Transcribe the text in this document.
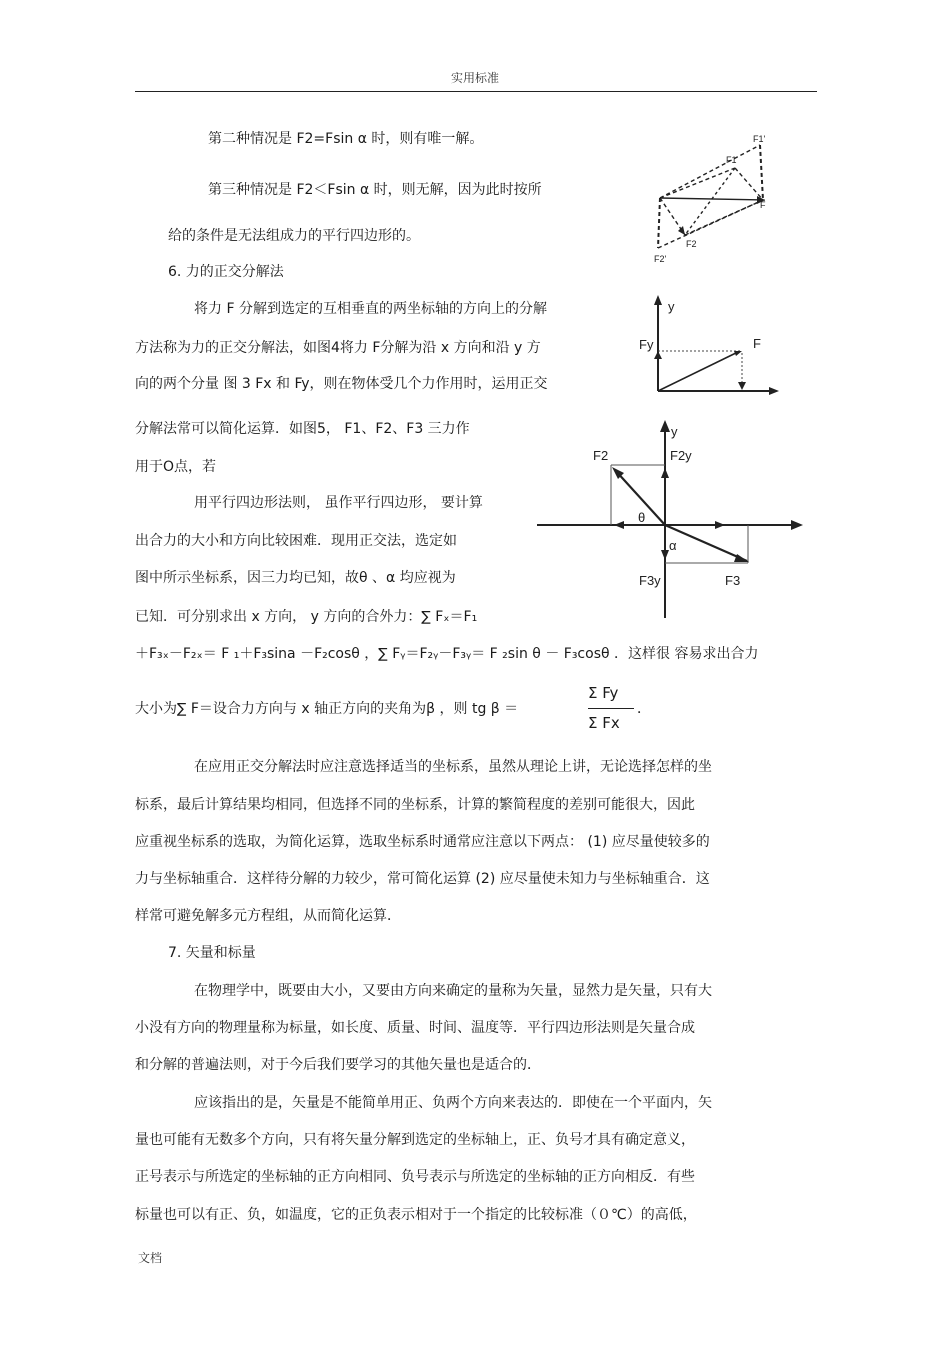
实用标准
第二种情况是 F2=Fsin α 时，则有唯一解。
第三种情况是 F2＜Fsin α 时，则无解，因为此时按所
给的条件是无法组成力的平行四边形的。
6. 力的正交分解法
将力 F 分解到选定的互相垂直的两坐标轴的方向上的分解
方法称为力的正交分解法，如图4将力 F分解为沿 x 方向和沿 y 方
向的两个分量 图 3 Fx 和 Fy，则在物体受几个力作用时，运用正交
分解法常可以简化运算．如图5， F1、F2、F3 三力作
用于O点，若
用平行四边形法则， 虽作平行四边形， 要计算
出合力的大小和方向比较困难．现用正交法，选定如
图中所示坐标系，因三力均已知，故θ 、α 均应视为
已知．可分别求出 x 方向， y 方向的合外力：∑ Fₓ＝F₁
＋F₃ₓ－F₂ₓ＝ F ₁＋F₃sina －F₂cosθ ，∑ Fᵧ＝F₂ᵧ－F₃ᵧ＝ F ₂sin θ － F₃cosθ ．这样很 容易求出合力
大小为∑ F＝设合力方向与 x 轴正方向的夹角为β ，则 tg β ＝
Σ Fy
Σ Fx
．
在应用正交分解法时应注意选择适当的坐标系，虽然从理论上讲，无论选择怎样的坐
标系，最后计算结果均相同，但选择不同的坐标系，计算的繁简程度的差别可能很大，因此
应重视坐标系的选取，为简化运算，选取坐标系时通常应注意以下两点： (1) 应尽量使较多的
力与坐标轴重合．这样待分解的力较少，常可简化运算 (2) 应尽量使未知力与坐标轴重合．这
样常可避免解多元方程组，从而简化运算．
7. 矢量和标量
在物理学中，既要由大小，又要由方向来确定的量称为矢量，显然力是矢量，只有大
小没有方向的物理量称为标量，如长度、质量、时间、温度等．平行四边形法则是矢量合成
和分解的普遍法则，对于今后我们要学习的其他矢量也是适合的．
应该指出的是，矢量是不能简单用正、负两个方向来表达的．即使在一个平面内，矢
量也可能有无数多个方向，只有将矢量分解到选定的坐标轴上，正、负号才具有确定意义，
正号表示与所选定的坐标轴的正方向相同、负号表示与所选定的坐标轴的正方向相反．有些
标量也可以有正、负，如温度，它的正负表示相对于一个指定的比较标准（０℃）的高低，
F1'
F1
F
F2
F2'
y
Fy	F
y
F2	F2y
θ
α
F3y	F3
文档
